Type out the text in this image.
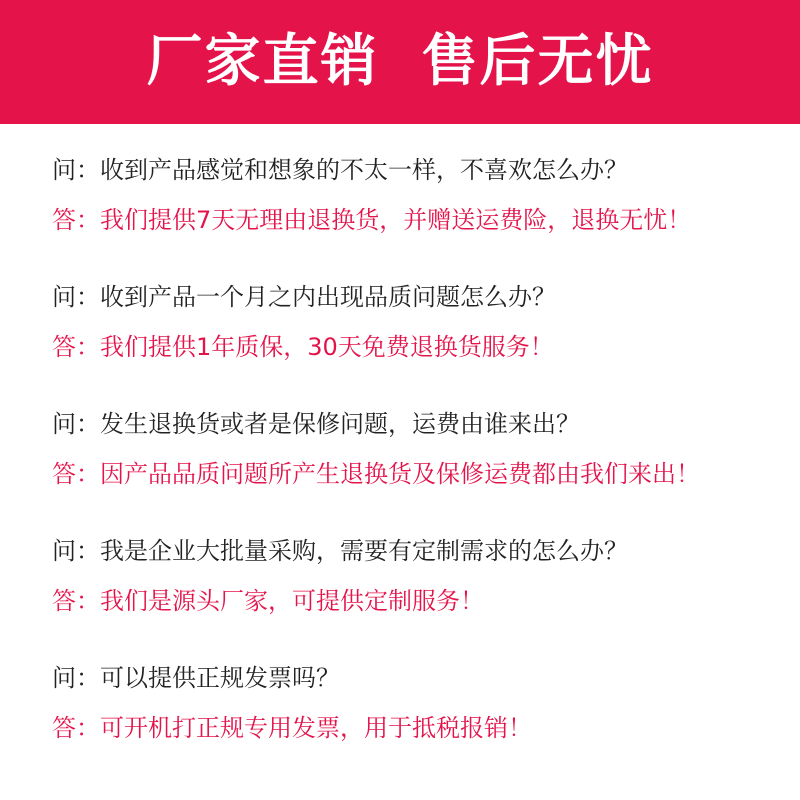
厂家直销  售后无忧
问：收到产品感觉和想象的不太一样，不喜欢怎么办？
答：我们提供7天无理由退换货，并赠送运费险，退换无忧！
问：收到产品一个月之内出现品质问题怎么办？
答：我们提供1年质保，30天免费退换货服务！
问：发生退换货或者是保修问题，运费由谁来出？
答：因产品品质问题所产生退换货及保修运费都由我们来出！
问：我是企业大批量采购，需要有定制需求的怎么办？
答：我们是源头厂家，可提供定制服务！
问：可以提供正规发票吗？
答：可开机打正规专用发票，用于抵税报销！
